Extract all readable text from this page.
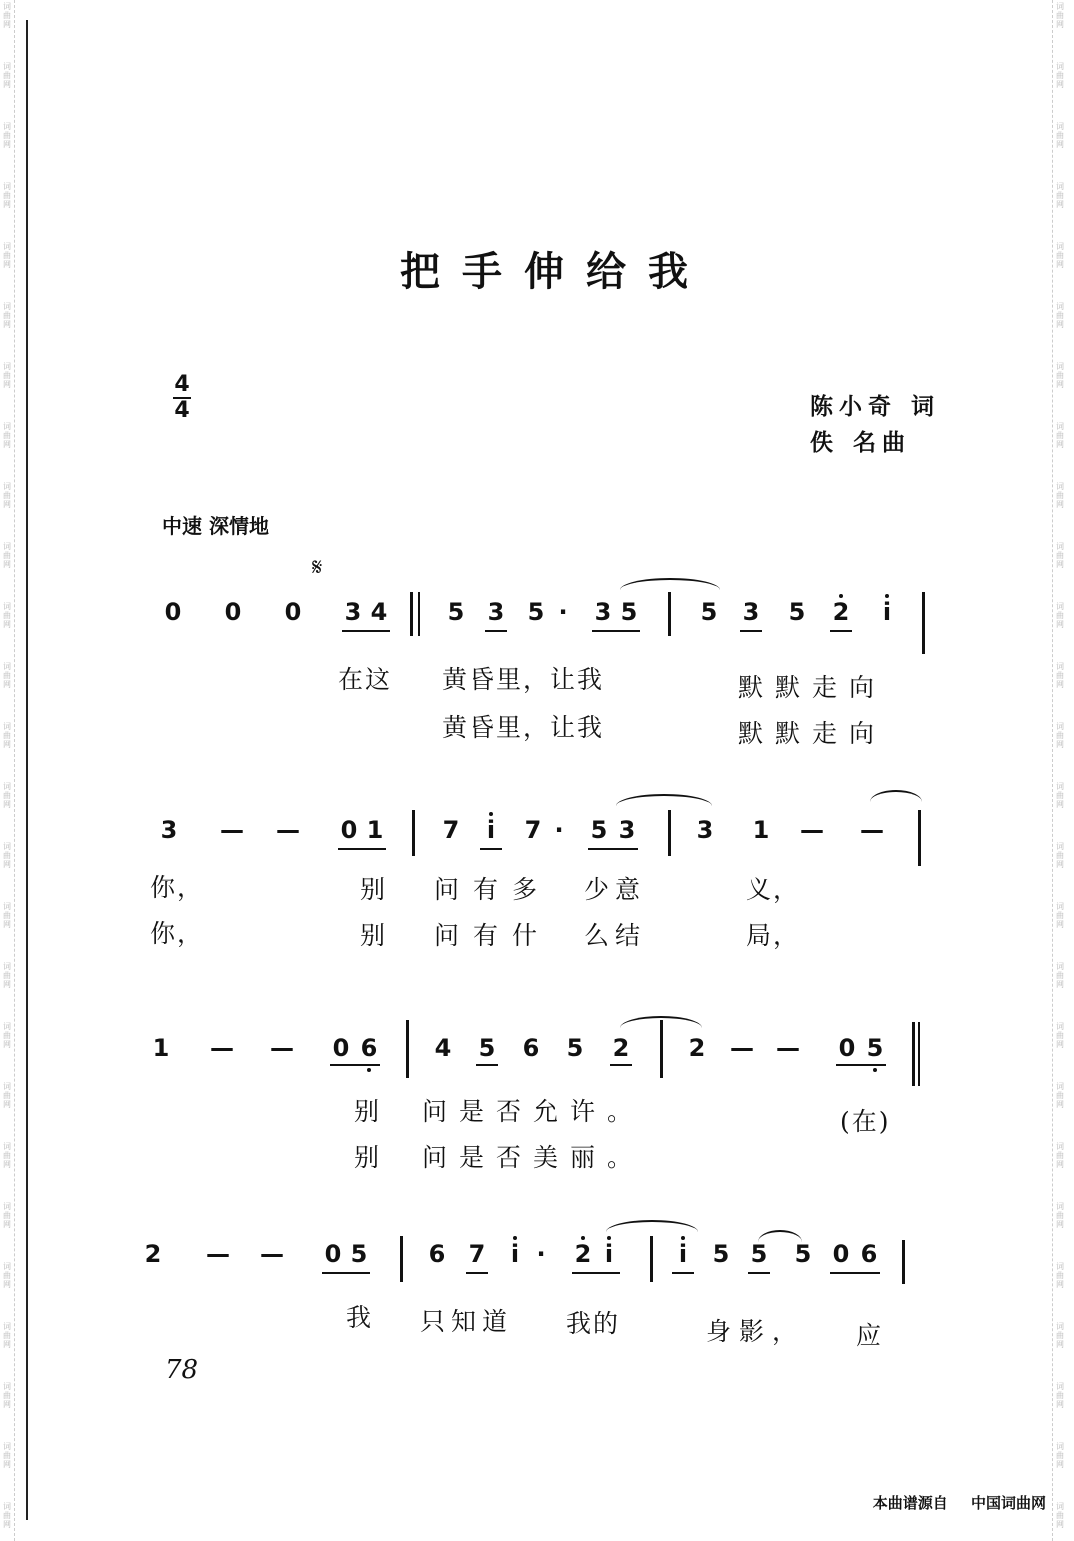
词曲网
词曲网
词曲网
词曲网
词曲网
词曲网
词曲网
词曲网
词曲网
词曲网
词曲网
词曲网
词曲网
词曲网
词曲网
词曲网
词曲网
词曲网
词曲网
词曲网
词曲网
词曲网
词曲网
词曲网
词曲网
词曲网
词曲网
词曲网
词曲网
词曲网
词曲网
词曲网
词曲网
词曲网
词曲网
词曲网
词曲网
词曲网
词曲网
词曲网
词曲网
词曲网
词曲网
词曲网
词曲网
词曲网
词曲网
词曲网
词曲网
词曲网
词曲网
词曲网
把手伸给我
4
4	陈小奇 词
佚 名曲
中速 深情地
𝄋
0 0 0 3 4	5 3 5 · 3 5	5 3 5 2 i
在这 黄昏里，让我	默默走向
黄昏里，让我	默默走向
3 — — 0 1 7 i 7 · 5 3	3 1 — —
你，	别 问有多 少意	义，
你，	别 问有什 么结	局，
1 — — 0 6 4 5 6 5 2 2 — — 0 5
别 问是否允许。	(在)
别 问是否美丽。
2 — — 0 5	6 7 i · 2 i	i 5 5 5 0 6
我 只知道 我的	身影， 应
78
本曲谱源自 中国词曲网
